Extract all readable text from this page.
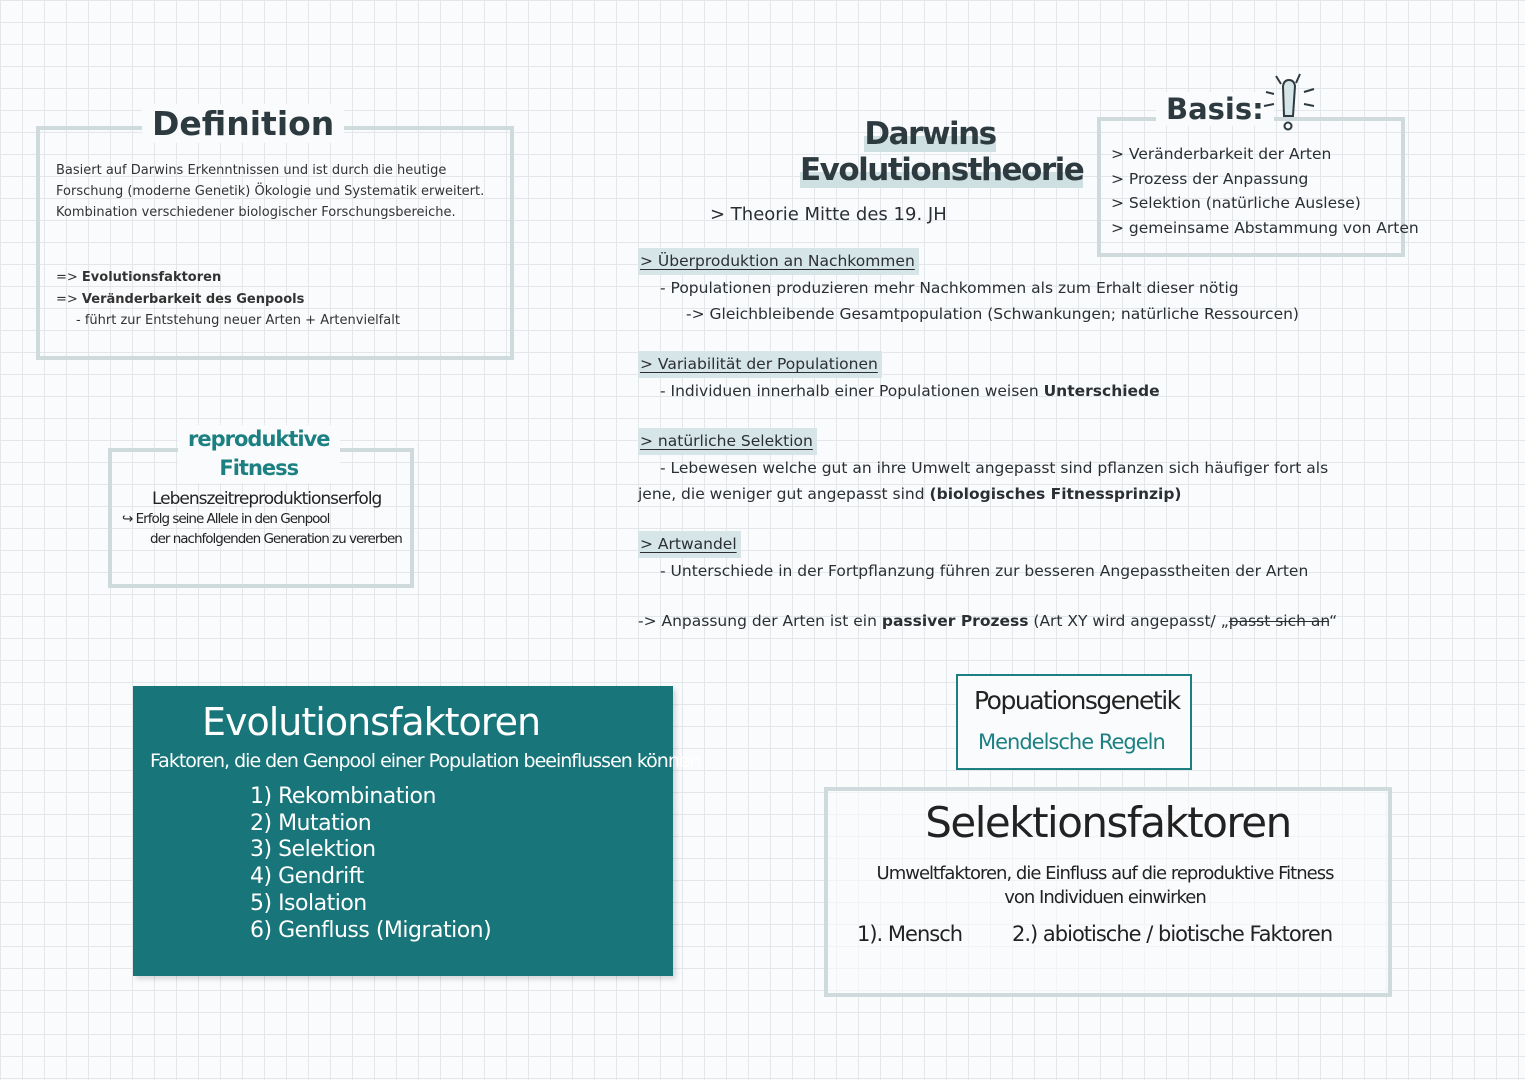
Definition
Basiert auf Darwins Erkenntnissen und ist durch die heutige Forschung (moderne Genetik) Ökologie und Systematik erweitert. Kombination verschiedener biologischer Forschungsbereiche.
=> Evolutionsfaktoren
=> Veränderbarkeit des Genpools
- führt zur Entstehung neuer Arten + Artenvielfalt
reproduktive
Fitness
Lebenszeitreproduktionserfolg
↪ Erfolg seine Allele in den Genpool
der nachfolgenden Generation zu vererben
Darwins
Evolutionstheorie
> Theorie Mitte des 19. JH
Basis:
> Veränderbarkeit der Arten
> Prozess der Anpassung
> Selektion (natürliche Auslese)
> gemeinsame Abstammung von Arten
> Überproduktion an Nachkommen
- Populationen produzieren mehr Nachkommen als zum Erhalt dieser nötig
-> Gleichbleibende Gesamtpopulation (Schwankungen; natürliche Ressourcen)
> Variabilität der Populationen
- Individuen innerhalb einer Populationen weisen Unterschiede
> natürliche Selektion
- Lebewesen welche gut an ihre Umwelt angepasst sind pflanzen sich häufiger fort als
jene, die weniger gut angepasst sind (biologisches Fitnessprinzip)
> Artwandel
- Unterschiede in der Fortpflanzung führen zur besseren Angepasstheiten der Arten
-> Anpassung der Arten ist ein passiver Prozess (Art XY wird angepasst/ „passt sich an“
Evolutionsfaktoren
Faktoren, die den Genpool einer Population beeinflussen können
1) Rekombination
2) Mutation
3) Selektion
4) Gendrift
5) Isolation
6) Genfluss (Migration)
Popuationsgenetik
Mendelsche Regeln
Selektionsfaktoren
Umweltfaktoren, die Einfluss auf die reproduktive Fitness
von Individuen einwirken
1). Mensch 2.) abiotische / biotische Faktoren
